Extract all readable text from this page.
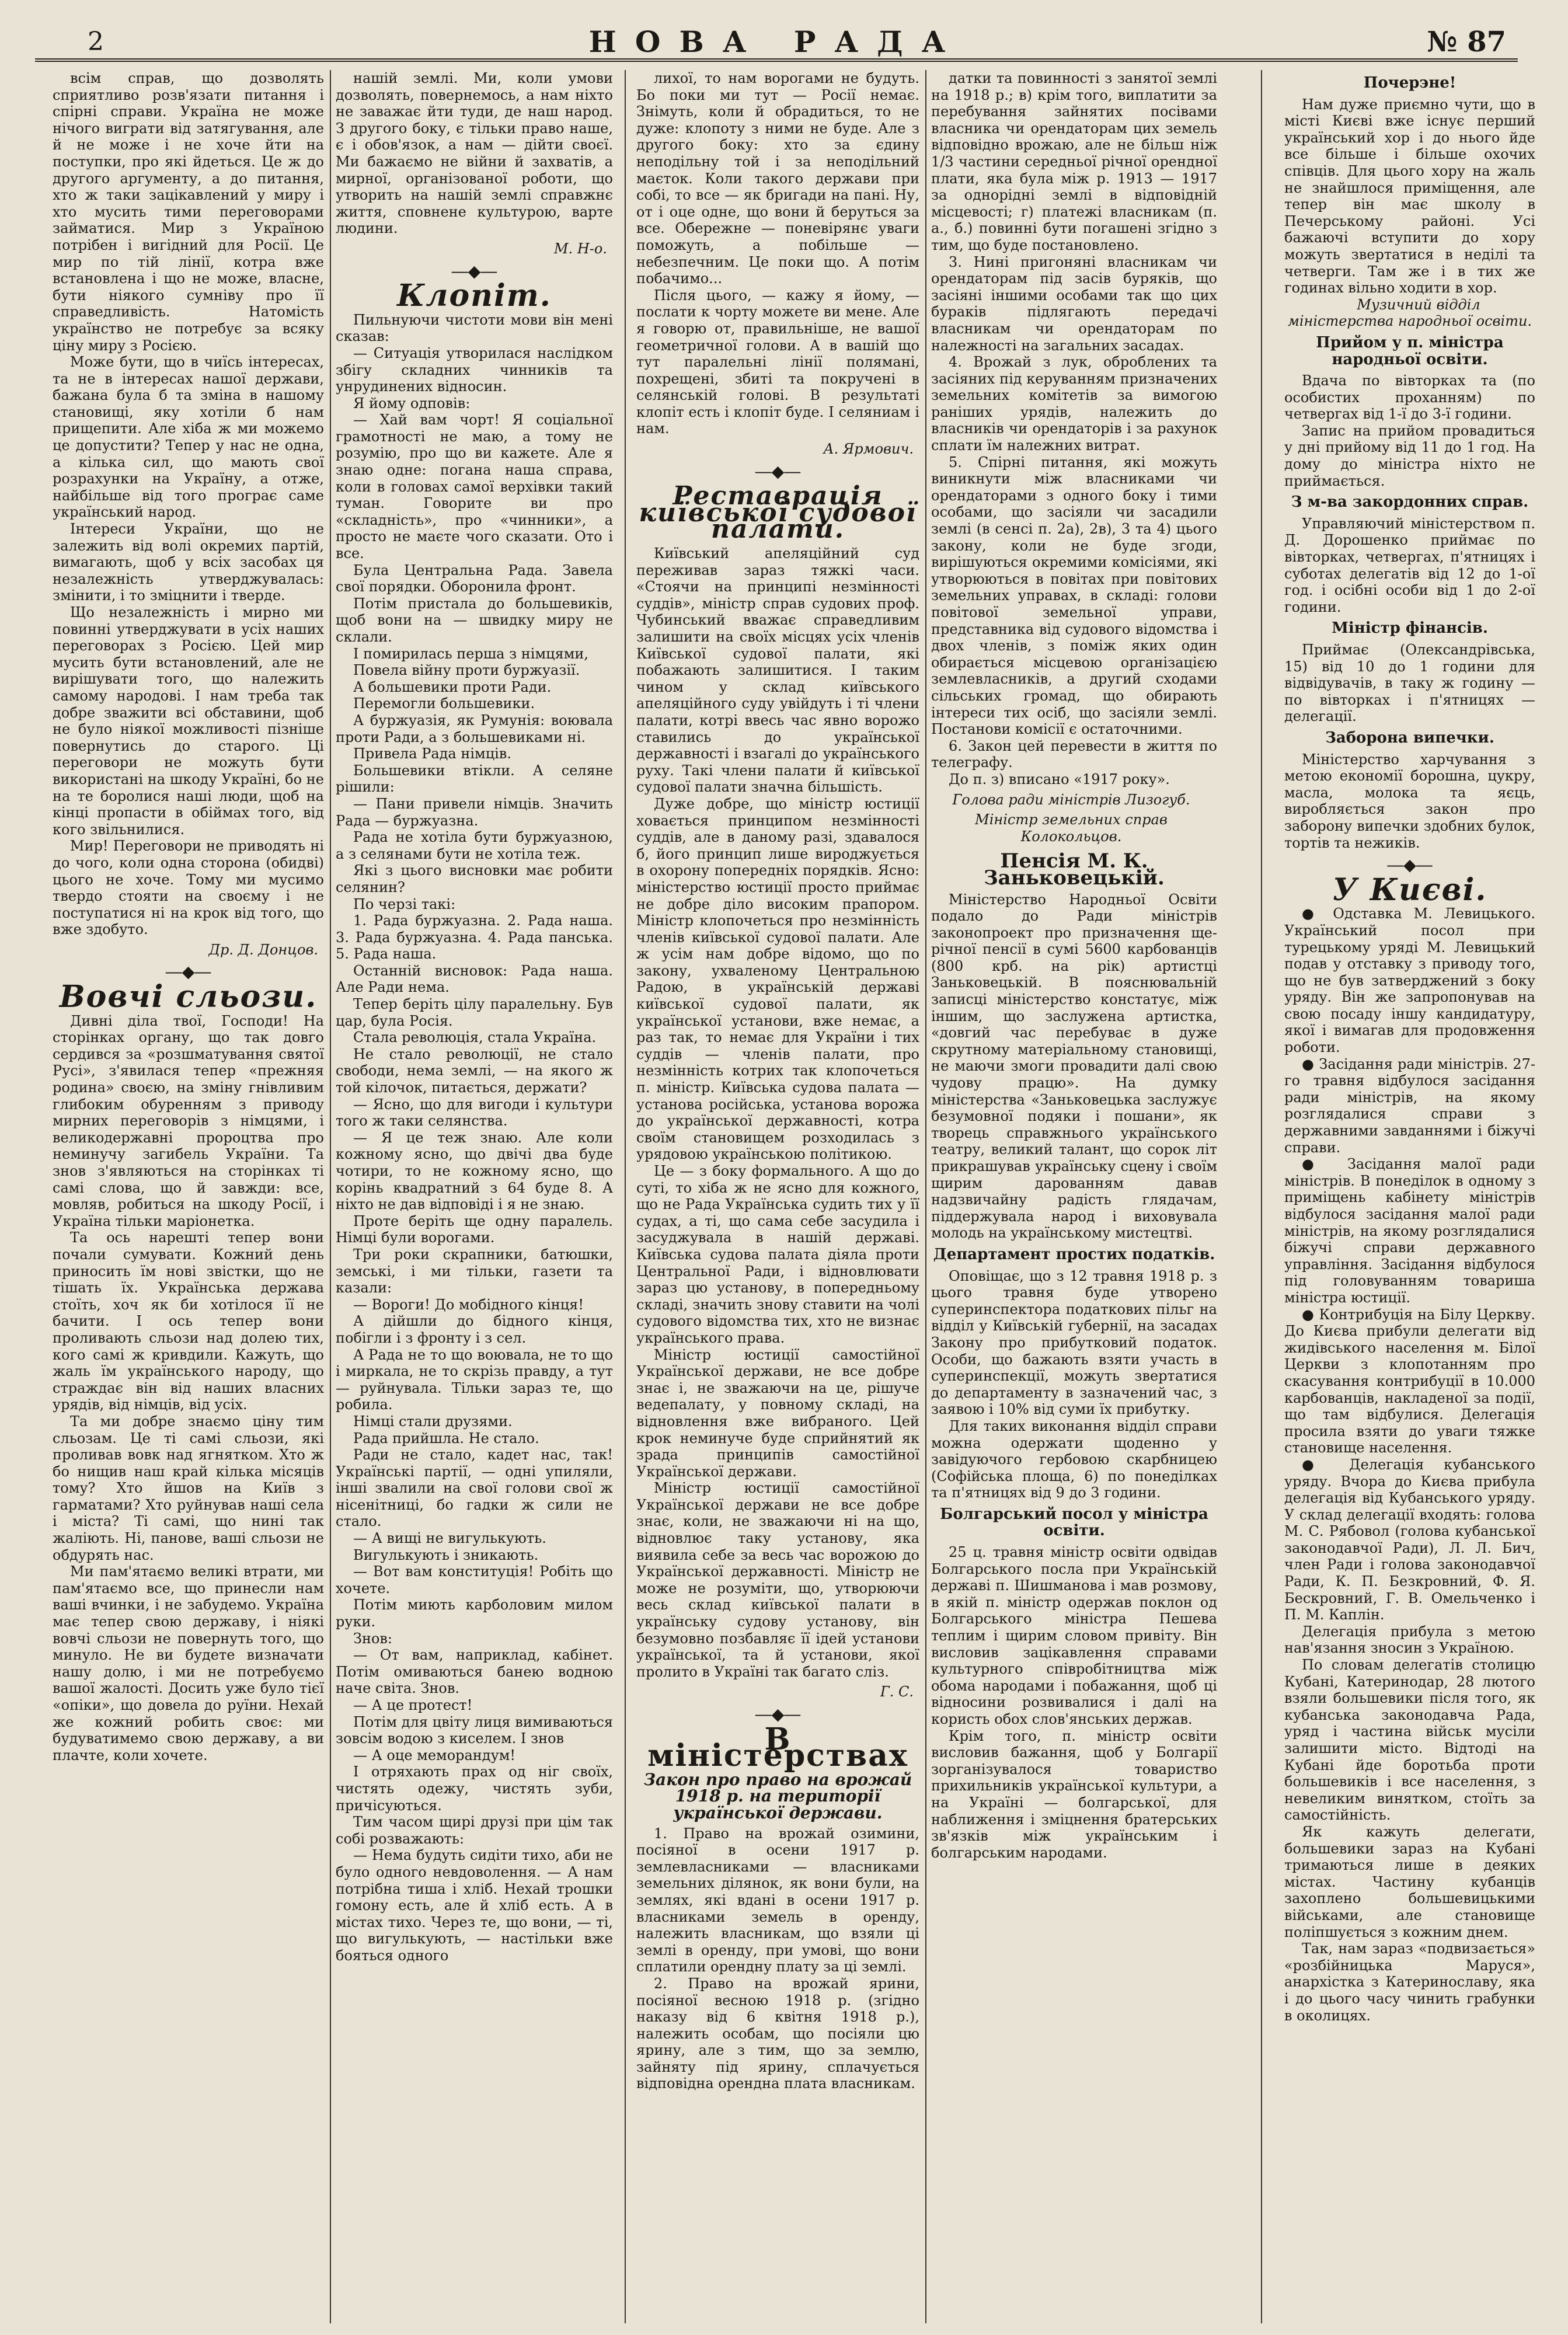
2	НОВА РАДА	№ 87

всім справ, що дозволять сприятливо розв'язати питання і спірні справи. Україна не може нічого виграти від затягування, але й не може і не хоче йти на поступки, про які йдеться. Це ж до другого аргументу, а до питання, хто ж таки зацікавлений у миру і хто мусить тими переговорами займатися. Мир з Україною потрібен і вигідний для Росії. Це мир по тій лінії, котра вже встановлена і що не може, власне, бути ніякого сумніву про її справедливість. Натомість українство не потребує за всяку ціну миру з Росією.

Може бути, що в чиїсь інтересах, та не в інтересах нашої держави, бажана була б та зміна в нашому становищі, яку хотіли б нам прищепити. Але хіба ж ми можемо це допустити? Тепер у нас не одна, а кілька сил, що мають свої розрахунки на Україну, а отже, найбільше від того програє саме український народ.

Інтереси України, що не залежить від волі окремих партій, вимагають, щоб у всіх засобах ця незалежність утверджувалась: змінити, і то зміцнити і тверде.

Що незалежність і мирно ми повинні утверджувати в усіх наших переговорах з Росією. Цей мир мусить бути встановлений, але не вирішувати того, що належить самому народові. І нам треба так добре зважити всі обставини, щоб не було ніякої можливості пізніше повернутись до старого. Ці переговори не можуть бути використані на шкоду Україні, бо не на те боролися наші люди, щоб на кінці пропасти в обіймах того, від кого звільнилися.

Мир! Переговори не приводять ні до чого, коли одна сторона (обидві) цього не хоче. Тому ми мусимо твердо стояти на своєму і не поступатися ні на крок від того, що вже здобуто.

Др. Д. Донцов.
―◆―
Вовчі сльози.

Дивні діла твої, Господи! На сторінках органу, що так довго сердився за «розшматування святої Русі», з'явилася тепер «прежняя родина» своєю, на зміну гнівливим глибоким обуренням з приводу мирних переговорів з німцями, і великодержавні пророцтва про неминучу загибель України. Та знов з'являються на сторінках ті самі слова, що й завжди: все, мовляв, робиться на шкоду Росії, і Україна тільки маріонетка.

Та ось нарешті тепер вони почали сумувати. Кожний день приносить їм нові звістки, що не тішать їх. Українська держава стоїть, хоч як би хотілося її не бачити. І ось тепер вони проливають сльози над долею тих, кого самі ж кривдили. Кажуть, що жаль їм українського народу, що страждає він від наших власних урядів, від німців, від усіх.

Та ми добре знаємо ціну тим сльозам. Це ті самі сльози, які проливав вовк над ягнятком. Хто ж бо нищив наш край кілька місяців тому? Хто йшов на Київ з гарматами? Хто руйнував наші села і міста? Ті самі, що нині так жаліють. Ні, панове, ваші сльози не обдурять нас.

Ми пам'ятаємо великі втрати, ми пам'ятаємо все, що принесли нам ваші вчинки, і не забудемо. Україна має тепер свою державу, і ніякі вовчі сльози не повернуть того, що минуло. Не ви будете визначати нашу долю, і ми не потребуємо вашої жалості. Досить уже було тієї «опіки», що довела до руїни. Нехай же кожний робить своє: ми будуватимемо свою державу, а ви плачте, коли хочете.

нашій землі. Ми, коли умови дозволять, повернемось, а нам ніхто не заважає йти туди, де наш народ. З другого боку, є тільки право наше, є і обов'язок, а нам — дійти своєї. Ми бажаємо не війни й захватів, а мирної, організованої роботи, що утворить на нашій землі справжнє життя, сповнене культурою, варте людини.

М. Н-о.
―◆―
Клопіт.

Пильнуючи чистоти мови він мені сказав:

— Ситуація утворилася наслідком збігу складних чинників та унрудинених відносин.

Я йому одповів:

— Хай вам чорт! Я соціальної грамотності не маю, а тому не розумію, про що ви кажете. Але я знаю одне: погана наша справа, коли в головах самої верхівки такий туман. Говорите ви про «складність», про «чинники», а просто не маєте чого сказати. Ото і все.

Була Центральна Рада. Завела свої порядки. Оборонила фронт.

Потім пристала до большевиків, щоб вони на — швидку миру не склали.

І помирилась перша з німцями,

Повела війну проти буржуазії.

А большевики проти Ради.

Перемогли большевики.

А буржуазія, як Румунія: воювала проти Ради, а з большевиками ні.

Привела Рада німців.

Большевики втікли. А селяне рішили:

— Пани привели німців. Значить Рада — буржуазна.

Рада не хотіла бути буржуазною, а з селянами бути не хотіла теж.

Які з цього висновки має робити селянин?

По черзі такі:

1. Рада буржуазна. 2. Рада наша. 3. Рада буржуазна. 4. Рада панська. 5. Рада наша.

Останній висновок: Рада наша. Але Ради нема.

Тепер беріть цілу паралельну. Був цар, була Росія.

Стала революція, стала Україна.

Не стало революції, не стало свободи, нема землі, — на якого ж той кілочок, питається, держати?

— Ясно, що для вигоди і культури того ж таки селянства.

— Я це теж знаю. Але коли кожному ясно, що двічі два буде чотири, то не кожному ясно, що корінь квадратний з 64 буде 8. А ніхто не дав відповіді і я не знаю.

Проте беріть ще одну паралель. Німці були ворогами.

Три роки скрапники, батюшки, земські, і ми тільки, газети та казали:

— Вороги! До мобідного кінця!

А дійшли до бідного кінця, побігли і з фронту і з сел.

А Рада не то що воювала, не то що і миркала, не то скрізь правду, а тут — руйнувала. Тільки зараз те, що робила.

Німці стали друзями.

Рада прийшла. Не стало.

Ради не стало, кадет нас, так! Українські партії, — одні упиляли, інші звалили на свої голови свої ж нісенітниці, бо гадки ж сили не стало.

— А вищі не вигулькують.

Вигулькують і зникають.

— Вот вам конституція! Робіть що хочете.

Потім миють карболовим милом руки.

Знов:

— От вам, наприклад, кабінет. Потім омиваються банею водною наче світа. Знов.

— А це протест!

Потім для цвіту лиця вимиваються зовсім водою з киселем. І знов

— А оце меморандум!

І отряхають прах од ніг своїх, чистять одежу, чистять зуби, причісуються.

Тим часом щирі друзі при цім так собі розважають:

— Нема будуть сидіти тихо, аби не було одного невдоволення. — А нам потрібна тиша і хліб. Нехай трошки гомону есть, але й хліб есть. А в містах тихо. Через те, що вони, — ті, що вигулькують, — настільки вже бояться одного

лихої, то нам ворогами не будуть. Бо поки ми тут — Росії немає. Знімуть, коли й обрадиться, то не дуже: клопоту з ними не буде. Але з другого боку: хто за єдину неподільну той і за неподільний маєток. Коли такого держави при собі, то все — як бригади на пані. Ну, от і оце одне, що вони й беруться за все. Обережне — поневірянє уваги поможуть, а побільше — небезпечним. Це поки що. А потім побачимо...

Після цього, — кажу я йому, — послати к чорту можете ви мене. Але я говорю от, правильніше, не вашої геометричної голови. А в вашій що тут паралельні лінії полямані, похрещені, збиті та покручені в селянській голові. В результаті клопіт есть і клопіт буде. І селяниам і нам.

А. Ярмович.
―◆―
Реставрація київської судової палати.

Київський апеляційний суд переживав зараз тяжкі часи. «Стоячи на принципі незмінності суддів», міністр справ судових проф. Чубинський вважає справедливим залишити на своїх місцях усіх членів Київської судової палати, які побажають залишитися. І таким чином у склад київського апеляційного суду увійдуть і ті члени палати, котрі ввесь час явно ворожо ставились до української державності і взагалі до українського руху. Такі члени палати й київської судової палати значна більшість.

Дуже добре, що міністр юстиції ховається принципом незмінності суддів, але в даному разі, здавалося б, його принцип лише вироджується в охорону попередніх порядків. Ясно: міністерство юстиції просто приймає не добре діло високим прапором. Міністр клопочеться про незмінність членів київської судової палати. Але ж усім нам добре відомо, що по закону, ухваленому Центральною Радою, в українській державі київської судової палати, як української установи, вже немає, а раз так, то немає для України і тих суддів — членів палати, про незмінність котрих так клопочеться п. міністр. Київська судова палата — установа російська, установа ворожа до української державності, котра своїм становищем розходилась з урядовою українською політикою.

Це — з боку формального. А що до суті, то хіба ж не ясно для кожного, що не Рада Українська судить тих у її судах, а ті, що сама себе засудила і засуджувала в нашій державі. Київська судова палата діяла проти Центральної Ради, і відновлювати зараз цю установу, в попередньому складі, значить знову ставити на чолі судового відомства тих, хто не визнає українського права.

Міністр юстиції самостійної Української держави, не все добре знає і, не зважаючи на це, рішуче ведепалату, у повному складі, на відновлення вже вибраного. Цей крок неминуче буде сприйнятий як зрада принципів самостійної Української держави.

Міністр юстиції самостійної Української держави не все добре знає, коли, не зважаючи ні на що, відновлює таку установу, яка виявила себе за весь час ворожою до Української державності. Міністр не може не розуміти, що, утворюючи весь склад київської палати в українську судову установу, він безумовно позбавляє її ідей установи української, та й установи, якої пролито в Україні так багато сліз.

Г. С.
―◆―
В міністерствах
Закон про право на врожай 1918 р. на території української держави.

1. Право на врожай озимини, посіяної в осени 1917 р. землевласниками — власниками земельних ділянок, як вони були, на землях, які вдані в осени 1917 р. власниками земель в оренду, належить власникам, що взяли ці землі в оренду, при умові, що вони сплатили орендну плату за ці землі.

2. Право на врожай ярини, посіяної весною 1918 р. (згідно наказу від 6 квітня 1918 р.), належить особам, що посіяли цю ярину, але з тим, що за землю, зайняту під ярину, сплачується відповідна орендна плата власникам.

датки та повинності з занятої землі на 1918 р.; в) крім того, виплатити за перебування зайнятих посівами власника чи орендаторам цих земель відповідно врожаю, але не більш ніж 1/3 частини середньої річної орендної плати, яка була між р. 1913 — 1917 за однорідні землі в відповідній місцевості; г) платежі власникам (п. а., б.) повинні бути погашені згідно з тим, що буде постановлено.

3. Нині пригоняні власникам чи орендаторам під засів буряків, що засіяні іншими особами так що цих бураків підлягають передачі власникам чи орендаторам по належності на загальних засадах.

4. Врожай з лук, оброблених та засіяних під керуванням призначених земельних комітетів за вимогою раніших урядів, належить до власників чи орендаторів і за рахунок сплати їм належних витрат.

5. Спірні питання, які можуть виникнути між власниками чи орендаторами з одного боку і тими особами, що засіяли чи засадили землі (в сенсі п. 2а), 2в), 3 та 4) цього закону, коли не буде згоди, вирішуються окремими комісіями, які утворюються в повітах при повітових земельних управах, в складі: голови повітової земельної управи, представника від судового відомства і двох членів, з поміж яких один обирається місцевою організацією землевласників, а другий сходами сільських громад, що обирають інтереси тих осіб, що засіяли землі. Постанови комісії є остаточними.

6. Закон цей перевести в життя по телеграфу.

До п. з) вписано «1917 року».

Голова ради міністрів Лизогуб.
Міністр земельних справ Колокольцов.
Пенсія М. К. Заньковецькій.

Міністерство Народньої Освіти подало до Ради міністрів законопроект про призначення ще-річної пенсії в сумі 5600 карбованців (800 крб. на рік) артистці Заньковецькій. В пояснювальній записці міністерство констатує, між іншим, що заслужена артистка, «довгий час перебуває в дуже скрутному матеріальному становищі, не маючи змоги провадити далі свою чудову працю». На думку міністерства «Заньковецька заслужує безумовної подяки і пошани», як творець справжнього українського театру, великий талант, що сорок літ прикрашував українську сцену і своїм щирим дарованням давав надзвичайну радість глядачам, піддержувала народ і виховувала молодь на українському мистецтві.

Департамент простих податків.

Оповіщає, що з 12 травня 1918 р. з цього травня буде утворено суперинспектора податкових пільг на відділ у Київській губернії, на засадах Закону про прибутковий податок. Особи, що бажають взяти участь в суперинспекції, можуть звертатися до департаменту в зазначений час, з заявою і 10% від суми їх прибутку.

Для таких виконання відділ справи можна одержати щоденно у завідуючого гербовою скарбницею (Софійська площа, 6) по понеділках та п'ятницях від 9 до 3 години.

Болгарський посол у міністра освіти.

25 ц. травня міністр освіти одвідав Болгарського посла при Українській державі п. Шишманова і мав розмову, в якій п. міністр одержав поклон од Болгарського міністра Пешева теплим і щирим словом привіту. Він висловив зацікавлення справами культурного співробітництва між обома народами і побажання, щоб ці відносини розвивалися і далі на користь обох слов'янських держав.

Крім того, п. міністр освіти висловив бажання, щоб у Болгарії зорганізувалося товариство прихильників української культури, а на Україні — болгарської, для наближення і зміцнення братерських зв'язків між українським і болгарським народами.

Почерэне!

Нам дуже приємно чути, що в місті Києві вже існує перший український хор і до нього йде все більше і більше охочих співців. Для цього хору на жаль не знайшлося приміщення, але тепер він має школу в Печерському районі. Усі бажаючі вступити до хору можуть звертатися в неділі та четверги. Там же і в тих же годинах вільно ходити в хор.

Музичний відділ міністерства народньої освіти.

Прийом у п. міністра народньої освіти.

Вдача по вівторках та (по особистих проханням) по четвергах від 1-ї до 3-ї години.

Запис на прийом провадиться у дні прийому від 11 до 1 год. На дому до міністра ніхто не приймається.

З м-ва закордонних справ.

Управляючий міністерством п. Д. Дорошенко приймає по вівторках, четвергах, п'ятницях і суботах делегатів від 12 до 1-ої год. і осібні особи від 1 до 2-ої години.

Міністр фінансів.

Приймає (Олександрівська, 15) від 10 до 1 години для відвідувачів, в таку ж годину — по вівторках і п'ятницях — делегації.

Заборона випечки.

Міністерство харчування з метою економії борошна, цукру, масла, молока та яєць, виробляється закон про заборону випечки здобних булок, тортів та нежиків.

―◆―
У Києві.

● Одставка М. Левицького. Український посол при турецькому уряді М. Левицький подав у отставку з приводу того, що не був затверджений з боку уряду. Він же запропонував на свою посаду іншу кандидатуру, якої і вимагав для продовження роботи.

● Засідання ради міністрів. 27-го травня відбулося засідання ради міністрів, на якому розглядалися справи з державними завданнями і біжучі справи.

● Засідання малої ради міністрів. В понеділок в одному з приміщень кабінету міністрів відбулося засідання малої ради міністрів, на якому розглядалися біжучі справи державного управління. Засідання відбулося під головуванням товариша міністра юстиції.

● Контрибуція на Білу Церкву. До Києва прибули делегати від жидівського населення м. Білої Церкви з клопотанням про скасування контрибуції в 10.000 карбованців, накладеної за події, що там відбулися. Делегація просила взяти до уваги тяжке становище населення.

● Делегація кубанського уряду. Вчора до Києва прибула делегація від Кубанського уряду. У склад делегації входять: голова М. С. Рябовол (голова кубанської законодавчої Ради), Л. Л. Бич, член Ради і голова законодавчої Ради, К. П. Безкровний, Ф. Я. Бескровний, Г. В. Омельченко і П. М. Каплін.

Делегація прибула з метою нав'язання зносин з Україною.

По словам делегатів столицю Кубані, Катеринодар, 28 лютого взяли большевики після того, як кубанська законодавча Рада, уряд і частина військ мусіли залишити місто. Відтоді на Кубані йде боротьба проти большевиків і все населення, з невеликим винятком, стоїть за самостійність.

Як кажуть делегати, большевики зараз на Кубані тримаються лише в деяких містах. Частину кубанців захоплено большевицькими військами, але становище поліпшується з кожним днем.

Так, нам зараз «подвизається» «розбійницька Маруся», анархістка з Катеринославу, яка і до цього часу чинить грабунки в околицях.
